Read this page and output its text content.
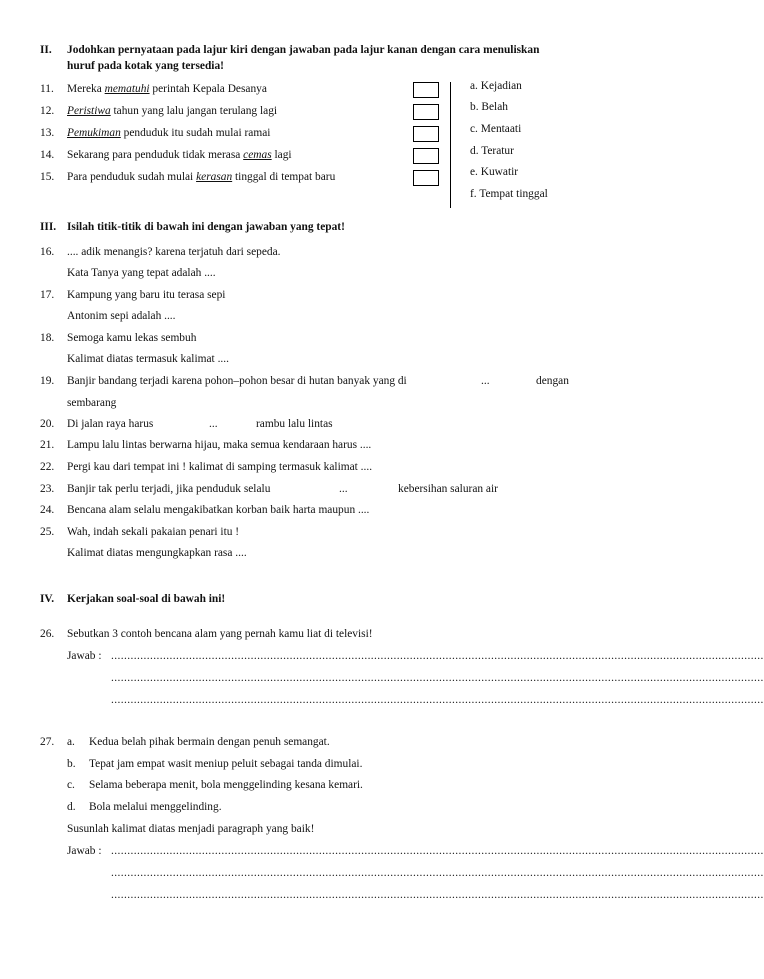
II. Jodohkan pernyataan pada lajur kiri dengan jawaban pada lajur kanan dengan cara menuliskan
huruf pada kotak yang tersedia!
11. Mereka mematuhi perintah Kepala Desanya
12. Peristiwa tahun yang lalu jangan terulang lagi
13. Pemukiman penduduk itu sudah mulai ramai
14. Sekarang para penduduk tidak merasa cemas lagi
15. Para penduduk sudah mulai kerasan tinggal di tempat baru
a. Kejadian
b. Belah
c. Mentaati
d. Teratur
e. Kuwatir
f. Tempat tinggal
III. Isilah titik-titik di bawah ini dengan jawaban yang tepat!
16. .... adik menangis? karena terjatuh dari sepeda.
Kata Tanya yang tepat adalah ....
17. Kampung yang baru itu terasa sepi
Antonim sepi adalah ....
18. Semoga kamu lekas sembuh
Kalimat diatas termasuk kalimat ....
19. Banjir bandang terjadi karena pohon–pohon besar di hutan banyak yang di	...	dengan
sembarang
20. Di jalan raya harus	...	rambu lalu lintas
21. Lampu lalu lintas berwarna hijau, maka semua kendaraan harus ....
22. Pergi kau dari tempat ini ! kalimat di samping termasuk kalimat ....
23. Banjir tak perlu terjadi, jika penduduk selalu	...	kebersihan saluran air
24. Bencana alam selalu mengakibatkan korban baik harta maupun ....
25. Wah, indah sekali pakaian penari itu !
Kalimat diatas mengungkapkan rasa ....
IV. Kerjakan soal-soal di bawah ini!
26. Sebutkan 3 contoh bencana alam yang pernah kamu liat di televisi!
Jawab : .........................................................................................................................................................................................................
.........................................................................................................................................................................................................
.........................................................................................................................................................................................................
27. a. Kedua belah pihak bermain dengan penuh semangat.
b. Tepat jam empat wasit meniup peluit sebagai tanda dimulai.
c. Selama beberapa menit, bola menggelinding kesana kemari.
d. Bola melalui menggelinding.
Susunlah kalimat diatas menjadi paragraph yang baik!
Jawab : .........................................................................................................................................................................................................
.........................................................................................................................................................................................................
.........................................................................................................................................................................................................
